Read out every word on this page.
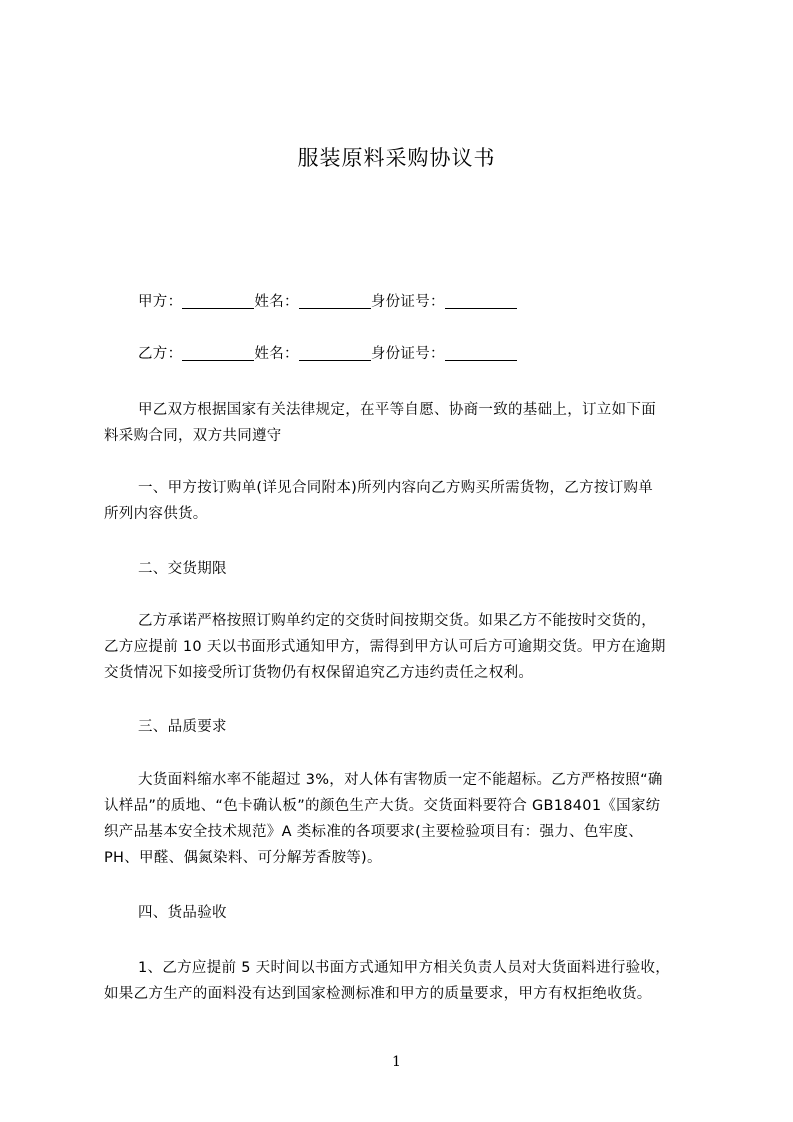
服装原料采购协议书
甲方：	姓名：	身份证号：
乙方：	姓名：	身份证号：
甲乙双方根据国家有关法律规定，在平等自愿、协商一致的基础上，订立如下面
料采购合同，双方共同遵守
一、甲方按订购单(详见合同附本)所列内容向乙方购买所需货物，乙方按订购单
所列内容供货。
二、交货期限
乙方承诺严格按照订购单约定的交货时间按期交货。如果乙方不能按时交货的，
乙方应提前 10 天以书面形式通知甲方，需得到甲方认可后方可逾期交货。甲方在逾期
交货情况下如接受所订货物仍有权保留追究乙方违约责任之权利。
三、品质要求
大货面料缩水率不能超过 3%，对人体有害物质一定不能超标。乙方严格按照“确
认样品”的质地、“色卡确认板”的颜色生产大货。交货面料要符合 GB18401《国家纺
织产品基本安全技术规范》A 类标准的各项要求(主要检验项目有：强力、色牢度、
PH、甲醛、偶氮染料、可分解芳香胺等)。
四、货品验收
1、乙方应提前 5 天时间以书面方式通知甲方相关负责人员对大货面料进行验收，
如果乙方生产的面料没有达到国家检测标准和甲方的质量要求，甲方有权拒绝收货。
1
